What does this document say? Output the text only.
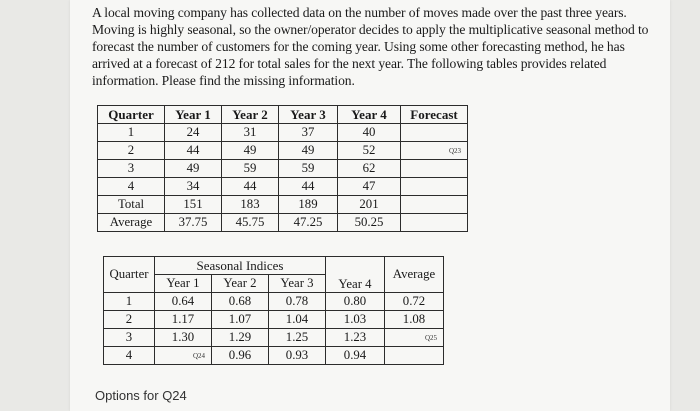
A local moving company has collected data on the number of moves made over the past three years. Moving is highly seasonal, so the owner/operator decides to apply the multiplicative seasonal method to forecast the number of customers for the coming year. Using some other forecasting method, he has arrived at a forecast of 212 for total sales for the next year. The following tables provides related information. Please find the missing information.

Quarter	Year 1	Year 2	Year 3	Year 4	Forecast
1	24	31	37	40	
2	44	49	49	52	Q23
3	49	59	59	62	
4	34	44	44	47	
Total	151	183	189	201	
Average	37.75	45.75	47.25	50.25	
Quarter	Seasonal Indices			Year 4	Average
	Year 1	Year 2	Year 3		
1	0.64	0.68	0.78	0.80	0.72
2	1.17	1.07	1.04	1.03	1.08
3	1.30	1.29	1.25	1.23	Q25
4	Q24	0.96	0.93	0.94	
Options for Q24
